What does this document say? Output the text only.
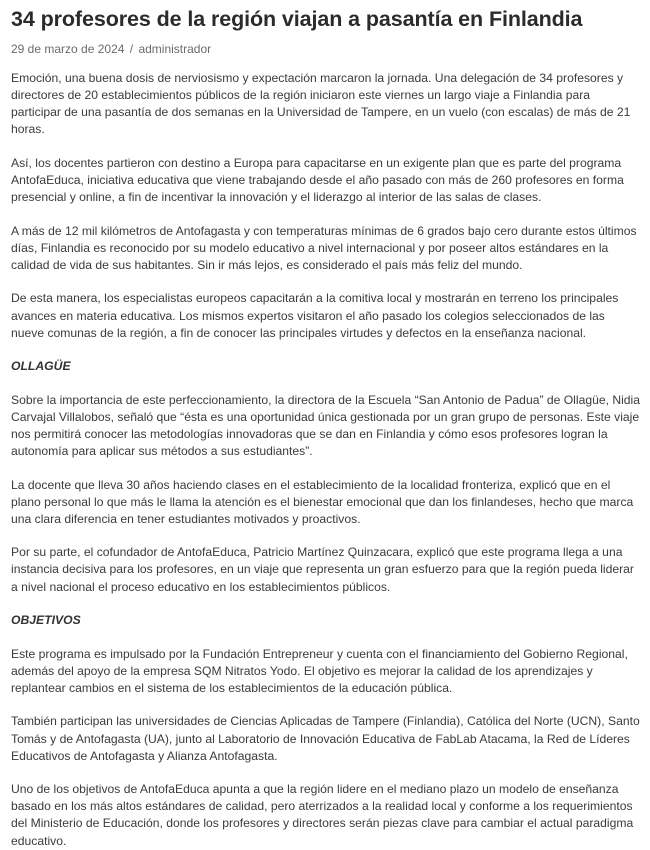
34 profesores de la región viajan a pasantía en Finlandia
29 de marzo de 2024 / administrador

Emoción, una buena dosis de nerviosismo y expectación marcaron la jornada. Una delegación de 34 profesores y directores de 20 establecimientos públicos de la región iniciaron este viernes un largo viaje a Finlandia para participar de una pasantía de dos semanas en la Universidad de Tampere, en un vuelo (con escalas) de más de 21 horas.

Así, los docentes partieron con destino a Europa para capacitarse en un exigente plan que es parte del programa AntofaEduca, iniciativa educativa que viene trabajando desde el año pasado con más de 260 profesores en forma presencial y online, a fin de incentivar la innovación y el liderazgo al interior de las salas de clases.

A más de 12 mil kilómetros de Antofagasta y con temperaturas mínimas de 6 grados bajo cero durante estos últimos días, Finlandia es reconocido por su modelo educativo a nivel internacional y por poseer altos estándares en la calidad de vida de sus habitantes. Sin ir más lejos, es considerado el país más feliz del mundo.

De esta manera, los especialistas europeos capacitarán a la comitiva local y mostrarán en terreno los principales avances en materia educativa. Los mismos expertos visitaron el año pasado los colegios seleccionados de las nueve comunas de la región, a fin de conocer las principales virtudes y defectos en la enseñanza nacional.

OLLAGÜE

Sobre la importancia de este perfeccionamiento, la directora de la Escuela “San Antonio de Padua” de Ollagüe, Nidia Carvajal Villalobos, señaló que “ésta es una oportunidad única gestionada por un gran grupo de personas. Este viaje nos permitirá conocer las metodologías innovadoras que se dan en Finlandia y cómo esos profesores logran la autonomía para aplicar sus métodos a sus estudiantes”.

La docente que lleva 30 años haciendo clases en el establecimiento de la localidad fronteriza, explicó que en el plano personal lo que más le llama la atención es el bienestar emocional que dan los finlandeses, hecho que marca una clara diferencia en tener estudiantes motivados y proactivos.

Por su parte, el cofundador de AntofaEduca, Patricio Martínez Quinzacara, explicó que este programa llega a una instancia decisiva para los profesores, en un viaje que representa un gran esfuerzo para que la región pueda liderar a nivel nacional el proceso educativo en los establecimientos públicos.

OBJETIVOS

Este programa es impulsado por la Fundación Entrepreneur y cuenta con el financiamiento del Gobierno Regional, además del apoyo de la empresa SQM Nitratos Yodo. El objetivo es mejorar la calidad de los aprendizajes y replantear cambios en el sistema de los establecimientos de la educación pública.

También participan las universidades de Ciencias Aplicadas de Tampere (Finlandia), Católica del Norte (UCN), Santo Tomás y de Antofagasta (UA), junto al Laboratorio de Innovación Educativa de FabLab Atacama, la Red de Líderes Educativos de Antofagasta y Alianza Antofagasta.

Uno de los objetivos de AntofaEduca apunta a que la región lidere en el mediano plazo un modelo de enseñanza basado en los más altos estándares de calidad, pero aterrizados a la realidad local y conforme a los requerimientos del Ministerio de Educación, donde los profesores y directores serán piezas clave para cambiar el actual paradigma educativo.
